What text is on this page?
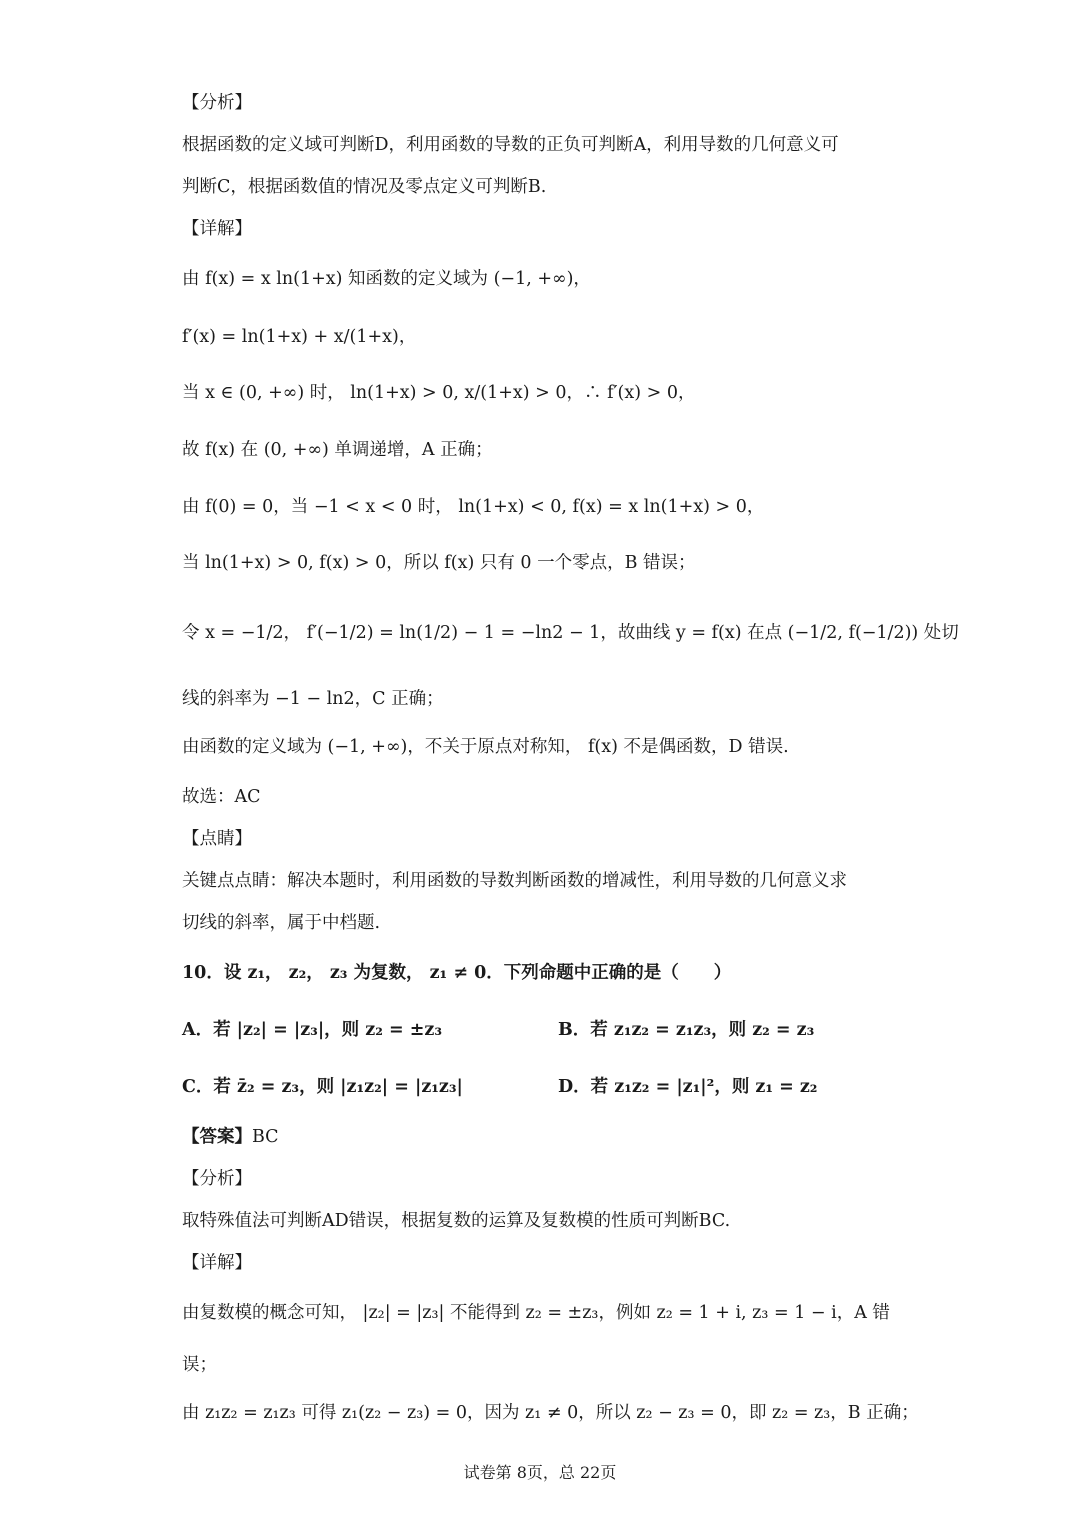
【分析】
根据函数的定义域可判断D，利用函数的导数的正负可判断A，利用导数的几何意义可
判断C，根据函数值的情况及零点定义可判断B.
【详解】
由 f(x) = x ln(1+x) 知函数的定义域为 (−1, +∞)，
f′(x) = ln(1+x) + x/(1+x)，
当 x ∈ (0, +∞) 时， ln(1+x) > 0, x/(1+x) > 0，∴ f′(x) > 0，
故 f(x) 在 (0, +∞) 单调递增，A 正确；
由 f(0) = 0，当 −1 < x < 0 时， ln(1+x) < 0, f(x) = x ln(1+x) > 0，
当 ln(1+x) > 0, f(x) > 0，所以 f(x) 只有 0 一个零点，B 错误；
令 x = −1/2， f′(−1/2) = ln(1/2) − 1 = −ln2 − 1，故曲线 y = f(x) 在点 (−1/2, f(−1/2)) 处切
线的斜率为 −1 − ln2，C 正确；
由函数的定义域为 (−1, +∞)，不关于原点对称知， f(x) 不是偶函数，D 错误.
故选：AC
【点睛】
关键点点睛：解决本题时，利用函数的导数判断函数的增减性，利用导数的几何意义求
切线的斜率，属于中档题.
10．设 z₁， z₂， z₃ 为复数， z₁ ≠ 0．下列命题中正确的是（　　）
A．若 |z₂| = |z₃|，则 z₂ = ±z₃	B．若 z₁z₂ = z₁z₃，则 z₂ = z₃
C．若 z̄₂ = z₃，则 |z₁z₂| = |z₁z₃|	D．若 z₁z₂ = |z₁|²，则 z₁ = z₂
【答案】BC
【分析】
取特殊值法可判断AD错误，根据复数的运算及复数模的性质可判断BC.
【详解】
由复数模的概念可知， |z₂| = |z₃| 不能得到 z₂ = ±z₃，例如 z₂ = 1 + i, z₃ = 1 − i，A 错
误；
由 z₁z₂ = z₁z₃ 可得 z₁(z₂ − z₃) = 0，因为 z₁ ≠ 0，所以 z₂ − z₃ = 0，即 z₂ = z₃，B 正确；
试卷第 8页，总 22页
